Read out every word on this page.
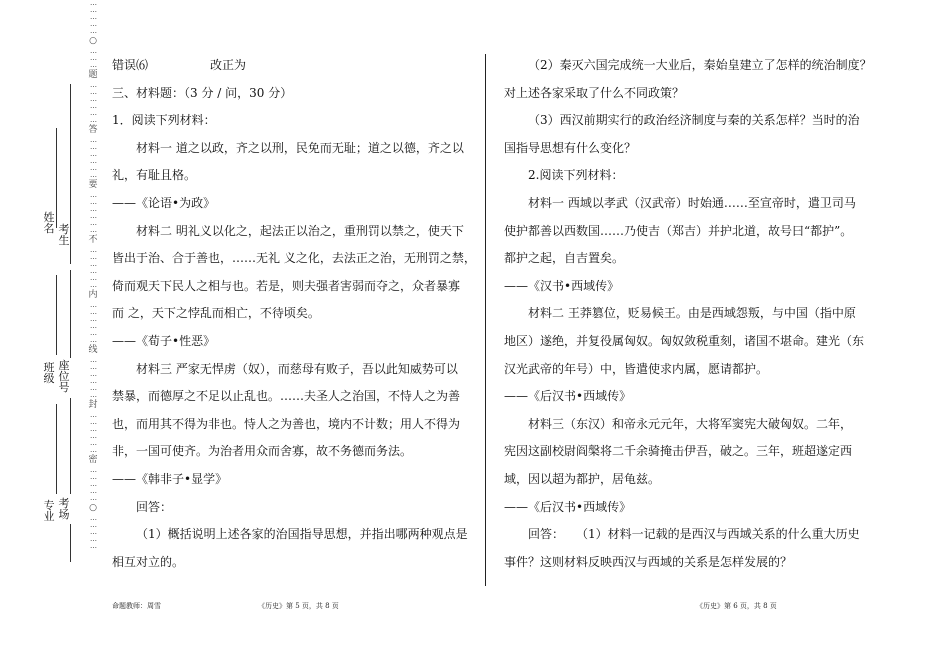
…
…
…
…
…
○
…
…
…
题
…
…
…
…
…
…
答
…
…
…
…
…
…
要
…
…
…
…
…
…
不
…
…
…
…
…
…
内
…
…
…
…
…
…
线
…
…
…
…
…
…
封
…
…
…
…
…
…
密
…
…
…
…
…
○
…
…
…
…
…
姓
名 考
生
班
级
座
位
号
专
业
考
场

错误⑹	改正为

三、材料题：（3 分 / 问，30 分）

1．阅读下列材料：

材料一 道之以政，齐之以刑，民免而无耻；道之以德，齐之以

礼，有耻且格。

——《论语•为政》

材料二 明礼义以化之，起法正以治之，重刑罚以禁之，使天下

皆出于治、合于善也，……无礼 义之化，去法正之治，无刑罚之禁，

倚而观天下民人之相与也。若是，则夫强者害弱而夺之，众者暴寡

而 之，天下之悖乱而相亡，不待顷矣。

——《荀子•性恶》

材料三 严家无悍虏（奴），而慈母有败子，吾以此知威势可以

禁暴，而德厚之不足以止乱也。……夫圣人之治国，不恃人之为善

也，而用其不得为非也。恃人之为善也，境内不计数；用人不得为

非，一国可使齐。为治者用众而舍寡，故不务德而务法。

——《韩非子•显学》

回答：

（1）概括说明上述各家的治国指导思想，并指出哪两种观点是

相互对立的。

（2）秦灭六国完成统一大业后，秦始皇建立了怎样的统治制度？

对上述各家采取了什么不同政策？

（3）西汉前期实行的政治经济制度与秦的关系怎样？当时的治

国指导思想有什么变化？

2.阅读下列材料：

材料一 西域以孝武（汉武帝）时始通……至宣帝时，遣卫司马

使护都善以西数国……乃使吉（郑吉）并护北道，故号曰“都护”。

都护之起，自吉置矣。

——《汉书•西域传》

材料二 王莽篡位，贬易候王。由是西域怨叛，与中国（指中原

地区）遂绝，并复役属匈奴。匈奴敛税重刻，诸国不堪命。建光（东

汉光武帝的年号）中，皆遣使求内属，愿请都护。

——《后汉书•西域传》

材料三（东汉）和帝永元元年，大将军窦宪大破匈奴。二年，

宪因这副校尉阎槃将二千余骑掩击伊吾，破之。三年，班超遂定西

域，因以超为都护，居龟兹。

——《后汉书•西域传》

回答：　　（1）材料一记载的是西汉与西域关系的什么重大历史

事件？这则材料反映西汉与西域的关系是怎样发展的？

命题教师：周雪	《历史》第 5 页，共 8 页	《历史》第 6 页，共 8 页
